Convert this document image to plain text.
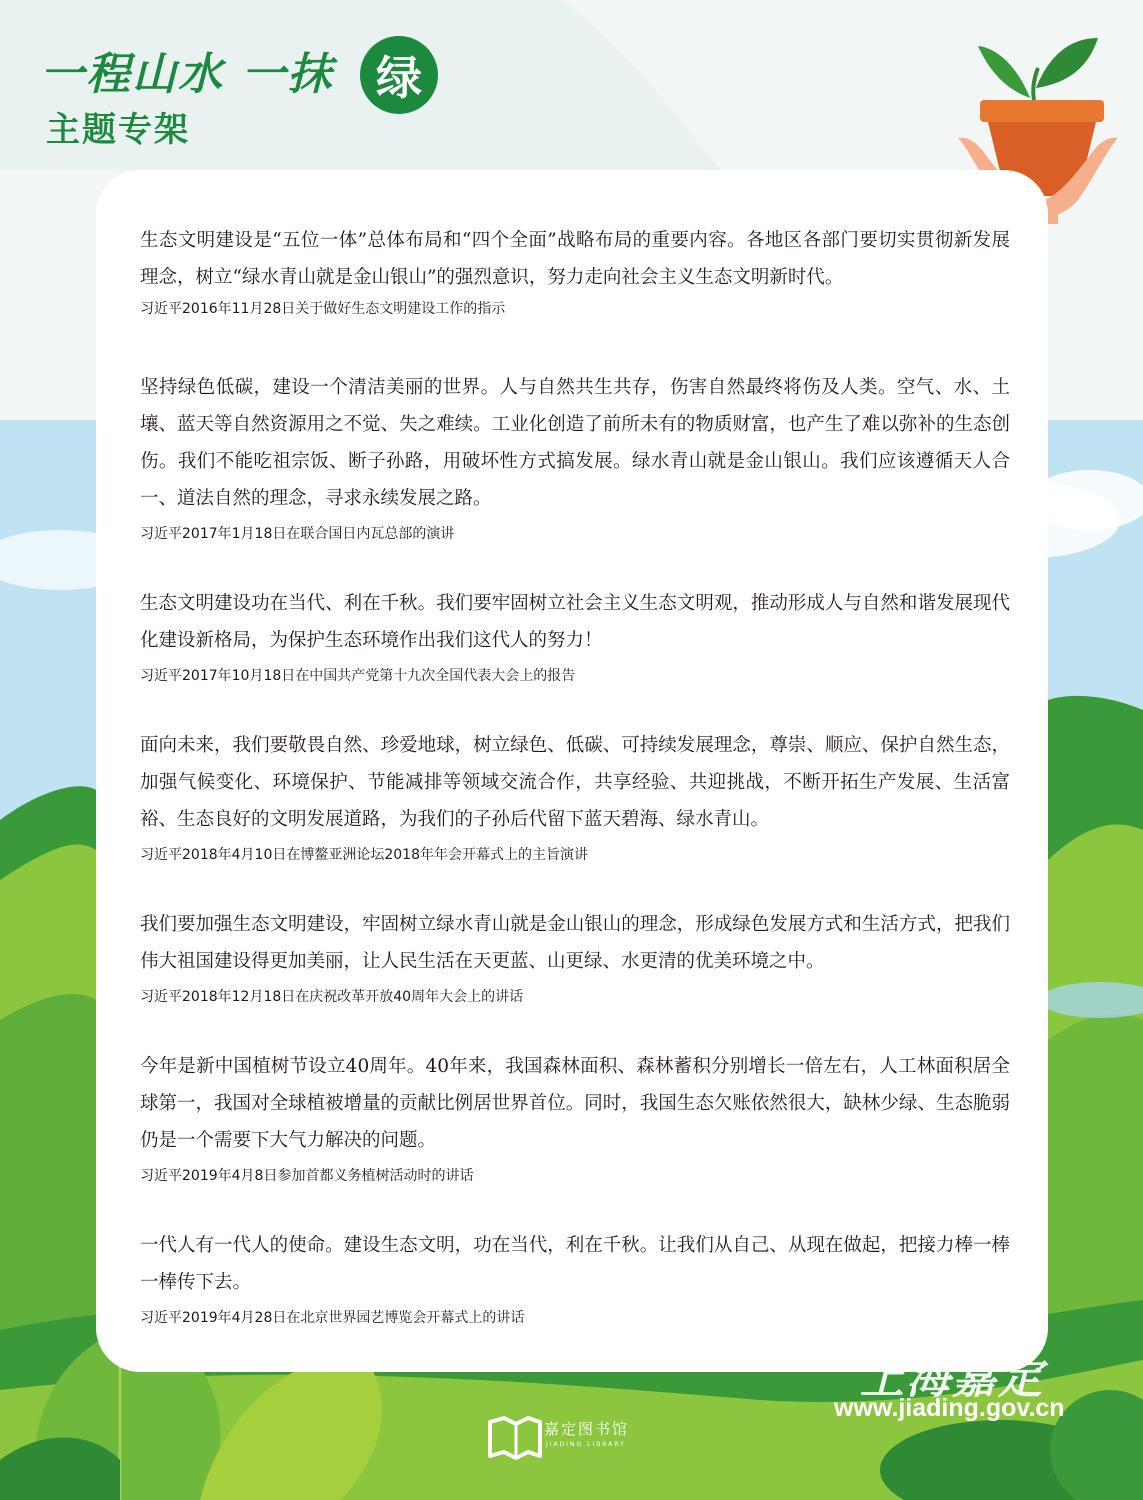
一程山水 一抹 绿
主题专架

生态文明建设是“五位一体”总体布局和“四个全面”战略布局的重要内容。各地区各部门要切实贯彻新发展理念，树立“绿水青山就是金山银山”的强烈意识，努力走向社会主义生态文明新时代。

习近平2016年11月28日关于做好生态文明建设工作的指示

坚持绿色低碳，建设一个清洁美丽的世界。人与自然共生共存，伤害自然最终将伤及人类。空气、水、土壤、蓝天等自然资源用之不觉、失之难续。工业化创造了前所未有的物质财富，也产生了难以弥补的生态创伤。我们不能吃祖宗饭、断子孙路，用破坏性方式搞发展。绿水青山就是金山银山。我们应该遵循天人合一、道法自然的理念，寻求永续发展之路。

习近平2017年1月18日在联合国日内瓦总部的演讲

生态文明建设功在当代、利在千秋。我们要牢固树立社会主义生态文明观，推动形成人与自然和谐发展现代化建设新格局，为保护生态环境作出我们这代人的努力！

习近平2017年10月18日在中国共产党第十九次全国代表大会上的报告

面向未来，我们要敬畏自然、珍爱地球，树立绿色、低碳、可持续发展理念，尊崇、顺应、保护自然生态，加强气候变化、环境保护、节能减排等领域交流合作，共享经验、共迎挑战，不断开拓生产发展、生活富裕、生态良好的文明发展道路，为我们的子孙后代留下蓝天碧海、绿水青山。

习近平2018年4月10日在博鳌亚洲论坛2018年年会开幕式上的主旨演讲

我们要加强生态文明建设，牢固树立绿水青山就是金山银山的理念，形成绿色发展方式和生活方式，把我们伟大祖国建设得更加美丽，让人民生活在天更蓝、山更绿、水更清的优美环境之中。

习近平2018年12月18日在庆祝改革开放40周年大会上的讲话

今年是新中国植树节设立40周年。40年来，我国森林面积、森林蓄积分别增长一倍左右，人工林面积居全球第一，我国对全球植被增量的贡献比例居世界首位。同时，我国生态欠账依然很大，缺林少绿、生态脆弱仍是一个需要下大气力解决的问题。

习近平2019年4月8日参加首都义务植树活动时的讲话

一代人有一代人的使命。建设生态文明，功在当代，利在千秋。让我们从自己、从现在做起，把接力棒一棒一棒传下去。

习近平2019年4月28日在北京世界园艺博览会开幕式上的讲话

嘉定图书馆
JIADING LIBRARY
上海嘉定
www.jiading.gov.cn
